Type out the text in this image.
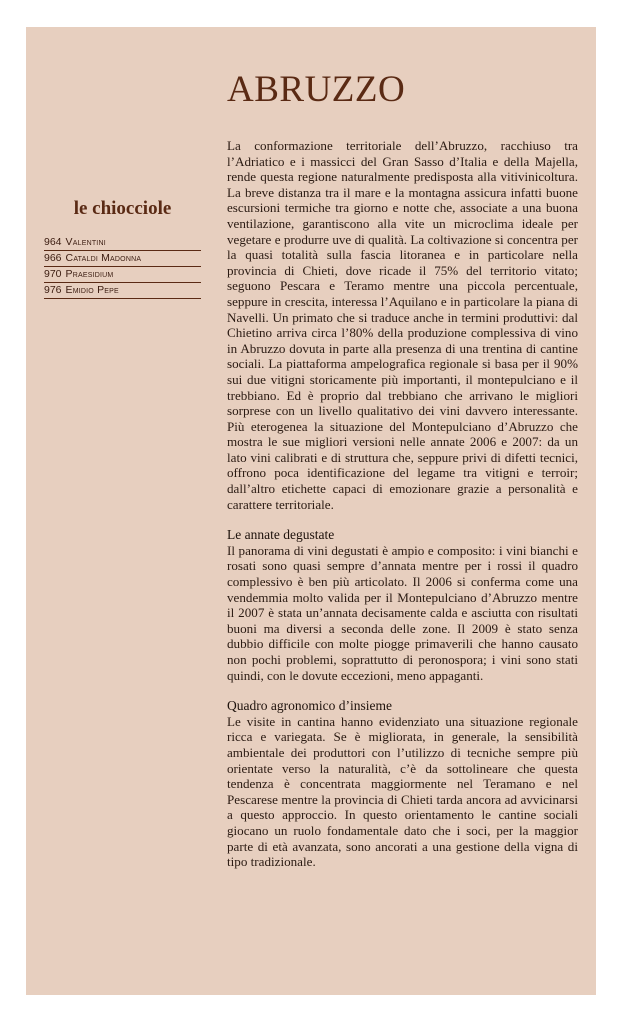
ABRUZZO
le chiocciole
964 Valentini
966 Cataldi Madonna
970 Praesidium
976 Emidio Pepe

La conformazione territoriale dell’Abruzzo, racchiuso tra l’Adriatico e i massicci del Gran Sasso d’Italia e della Majella, rende questa regione naturalmente predisposta alla vitivinicoltura. La breve distanza tra il mare e la montagna assicura infatti buone escursioni termiche tra giorno e notte che, associate a una buona ventilazione, garantiscono alla vite un microclima ideale per vegetare e produrre uve di qualità. La coltivazione si concentra per la quasi totalità sulla fascia litoranea e in particolare nella provincia di Chieti, dove ricade il 75% del territorio vitato; seguono Pescara e Teramo mentre una piccola percentuale, seppure in crescita, interessa l’Aquilano e in particolare la piana di Navelli. Un primato che si traduce anche in termini produttivi: dal Chietino arriva circa l’80% della produzione complessiva di vino in Abruzzo dovuta in parte alla presenza di una trentina di cantine sociali. La piattaforma ampelografica regionale si basa per il 90% sui due vitigni storicamente più importanti, il montepulciano e il trebbiano. Ed è proprio dal trebbiano che arrivano le migliori sorprese con un livello qualitativo dei vini davvero interessante. Più eterogenea la situazione del Montepulciano d’Abruzzo che mostra le sue migliori versioni nelle annate 2006 e 2007: da un lato vini calibrati e di struttura che, seppure privi di difetti tecnici, offrono poca identificazione del legame tra vitigni e terroir; dall’altro etichette capaci di emozionare grazie a personalità e carattere territoriale.

Le annate degustate

Il panorama di vini degustati è ampio e composito: i vini bianchi e rosati sono quasi sempre d’annata mentre per i rossi il quadro complessivo è ben più articolato. Il 2006 si conferma come una vendemmia molto valida per il Montepulciano d’Abruzzo mentre il 2007 è stata un’annata decisamente calda e asciutta con risultati buoni ma diversi a seconda delle zone. Il 2009 è stato senza dubbio difficile con molte piogge primaverili che hanno causato non pochi problemi, soprattutto di peronospora; i vini sono stati quindi, con le dovute eccezioni, meno appaganti.

Quadro agronomico d’insieme

Le visite in cantina hanno evidenziato una situazione regionale ricca e variegata. Se è migliorata, in generale, la sensibilità ambientale dei produttori con l’utilizzo di tecniche sempre più orientate verso la naturalità, c’è da sottolineare che questa tendenza è concentrata maggiormente nel Teramano e nel Pescarese mentre la provincia di Chieti tarda ancora ad avvicinarsi a questo approccio. In questo orientamento le cantine sociali giocano un ruolo fondamentale dato che i soci, per la maggior parte di età avanzata, sono ancorati a una gestione della vigna di tipo tradizionale.
